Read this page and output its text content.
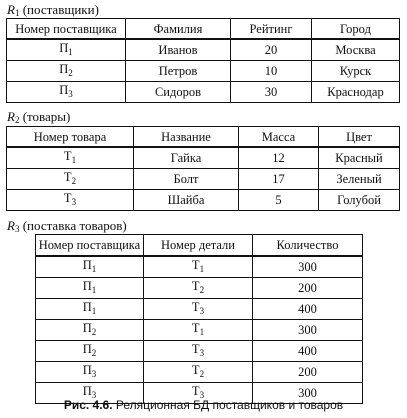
$R_1$ (поставщики)
Номер поставщика	Фамилия	Рейтинг	Город
$П_1$	Иванов	20	Москва
$П_2$	Петров	10	Курск
$П_3$	Сидоров	30	Краснодар
$R_2$ (товары)
Номер товара	Название	Масса	Цвет
$Т_1$	Гайка	12	Красный
$Т_2$	Болт	17	Зеленый
$Т_3$	Шайба	5	Голубой
$R_3$ (поставка товаров)
Номер поставщика	Номер детали	Количество
$П_1$	$Т_1$	300
$П_1$	$Т_2$	200
$П_1$	$Т_3$	400
$П_2$	$Т_1$	300
$П_2$	$Т_3$	400
$П_3$	$Т_2$	200
$П_3$	$Т_3$	300
Рис. 4.6. Реляционная БД поставщиков и товаров
